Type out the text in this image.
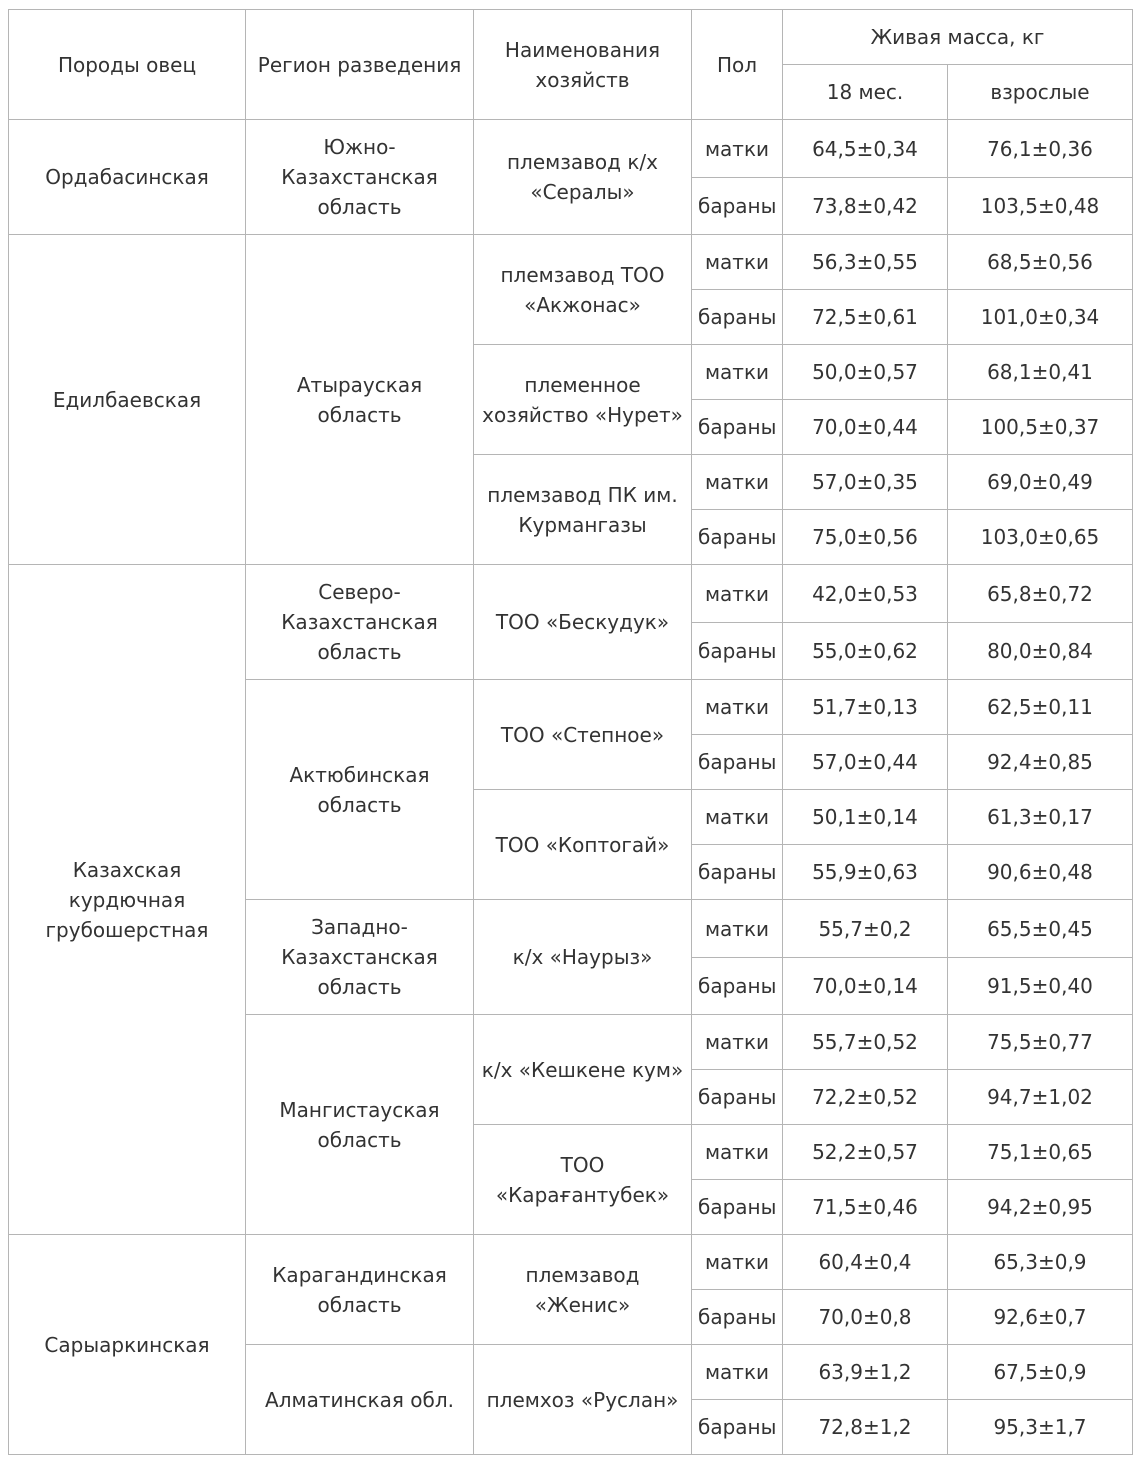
Породы овец	Регион разведения	Наименования хозяйств	Пол	Живая масса, кг	
				18 мес.	взрослые
Ордабасинская	Южно-Казахстанская область	племзавод к/х «Сералы»	матки	64,5±0,34	76,1±0,36
			бараны	73,8±0,42	103,5±0,48
Едилбаевская	Атырауская область	племзавод ТОО «Акжонас»	матки	56,3±0,55	68,5±0,56
			бараны	72,5±0,61	101,0±0,34
		племенное хозяйство «Нурет»	матки	50,0±0,57	68,1±0,41
			бараны	70,0±0,44	100,5±0,37
		племзавод ПК им. Курмангазы	матки	57,0±0,35	69,0±0,49
			бараны	75,0±0,56	103,0±0,65
Казахская курдючная грубошерстная	Северо-Казахстанская область	ТОО «Бескудук»	матки	42,0±0,53	65,8±0,72
			бараны	55,0±0,62	80,0±0,84
	Актюбинская область	ТОО «Степное»	матки	51,7±0,13	62,5±0,11
			бараны	57,0±0,44	92,4±0,85
		ТОО «Коптогай»	матки	50,1±0,14	61,3±0,17
			бараны	55,9±0,63	90,6±0,48
	Западно-Казахстанская область	к/х «Наурыз»	матки	55,7±0,2	65,5±0,45
			бараны	70,0±0,14	91,5±0,40
	Мангистауская область	к/х «Кешкене кум»	матки	55,7±0,52	75,5±0,77
			бараны	72,2±0,52	94,7±1,02
		ТОО «Карағантубек»	матки	52,2±0,57	75,1±0,65
			бараны	71,5±0,46	94,2±0,95
Сарыаркинская	Карагандинская область	племзавод «Женис»	матки	60,4±0,4	65,3±0,9
			бараны	70,0±0,8	92,6±0,7
	Алматинская обл.	племхоз «Руслан»	матки	63,9±1,2	67,5±0,9
			бараны	72,8±1,2	95,3±1,7
